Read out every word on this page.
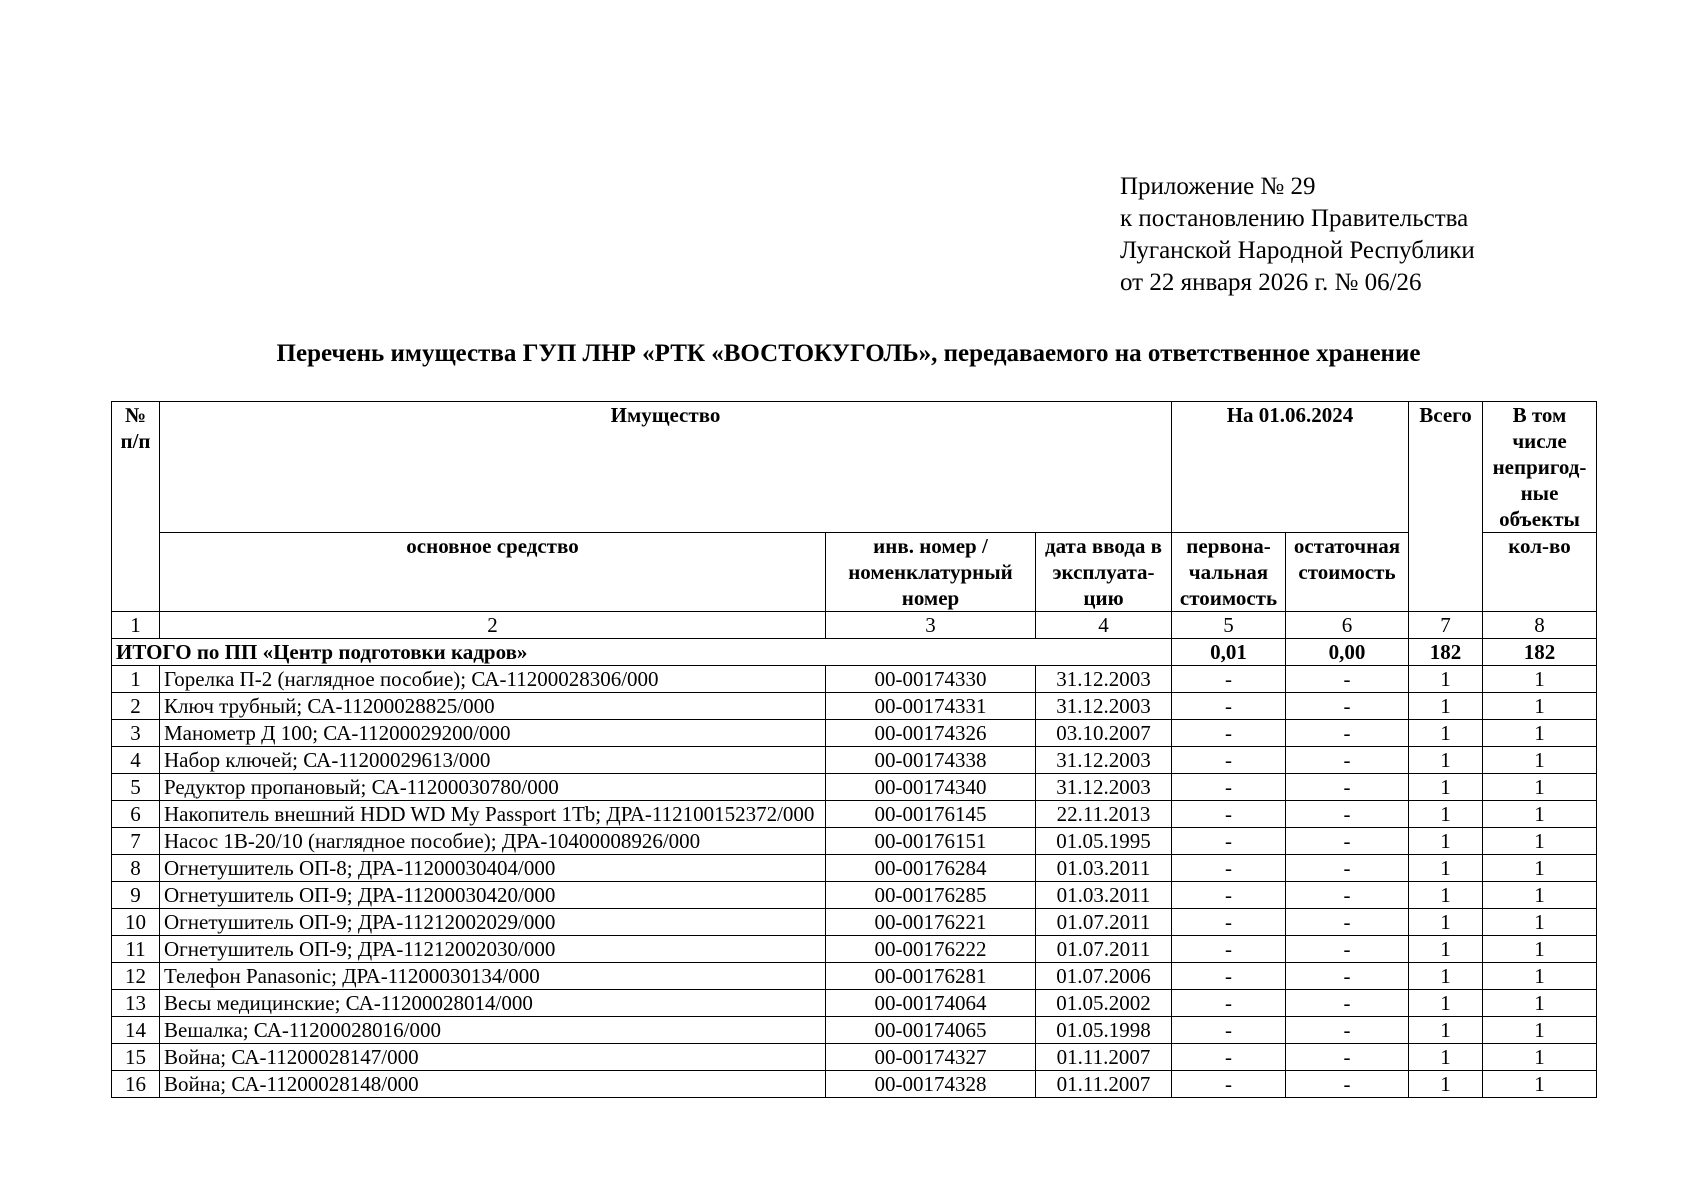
Приложение № 29
к постановлению Правительства
Луганской Народной Республики
от 22 января 2026 г. № 06/26
Перечень имущества ГУП ЛНР «РТК «ВОСТОКУГОЛЬ», передаваемого на ответственное хранение
№ п/п	Имущество			На 01.06.2024		Всего	В том числе непригод-ные объекты
	основное средство	инв. номер / номенклатурный номер	дата ввода в эксплуата-цию	первона-чальная стоимость	остаточная стоимость		кол-во
1	2	3	4	5	6	7	8
ИТОГО по ПП «Центр подготовки кадров»				0,01	0,00	182	182
1	Горелка П-2 (наглядное пособие); СА-11200028306/000	00-00174330	31.12.2003	-	-	1	1
2	Ключ трубный; СА-11200028825/000	00-00174331	31.12.2003	-	-	1	1
3	Манометр Д 100; СА-11200029200/000	00-00174326	03.10.2007	-	-	1	1
4	Набор ключей; СА-11200029613/000	00-00174338	31.12.2003	-	-	1	1
5	Редуктор пропановый; СА-11200030780/000	00-00174340	31.12.2003	-	-	1	1
6	Накопитель внешний HDD WD My Passport 1Tb; ДРА-112100152372/000	00-00176145	22.11.2013	-	-	1	1
7	Насос 1В-20/10 (наглядное пособие); ДРА-10400008926/000	00-00176151	01.05.1995	-	-	1	1
8	Огнетушитель ОП-8; ДРА-11200030404/000	00-00176284	01.03.2011	-	-	1	1
9	Огнетушитель ОП-9; ДРА-11200030420/000	00-00176285	01.03.2011	-	-	1	1
10	Огнетушитель ОП-9; ДРА-11212002029/000	00-00176221	01.07.2011	-	-	1	1
11	Огнетушитель ОП-9; ДРА-11212002030/000	00-00176222	01.07.2011	-	-	1	1
12	Телефон Panasonic; ДРА-11200030134/000	00-00176281	01.07.2006	-	-	1	1
13	Весы медицинские; СА-11200028014/000	00-00174064	01.05.2002	-	-	1	1
14	Вешалка; СА-11200028016/000	00-00174065	01.05.1998	-	-	1	1
15	Война; СА-11200028147/000	00-00174327	01.11.2007	-	-	1	1
16	Война; СА-11200028148/000	00-00174328	01.11.2007	-	-	1	1
